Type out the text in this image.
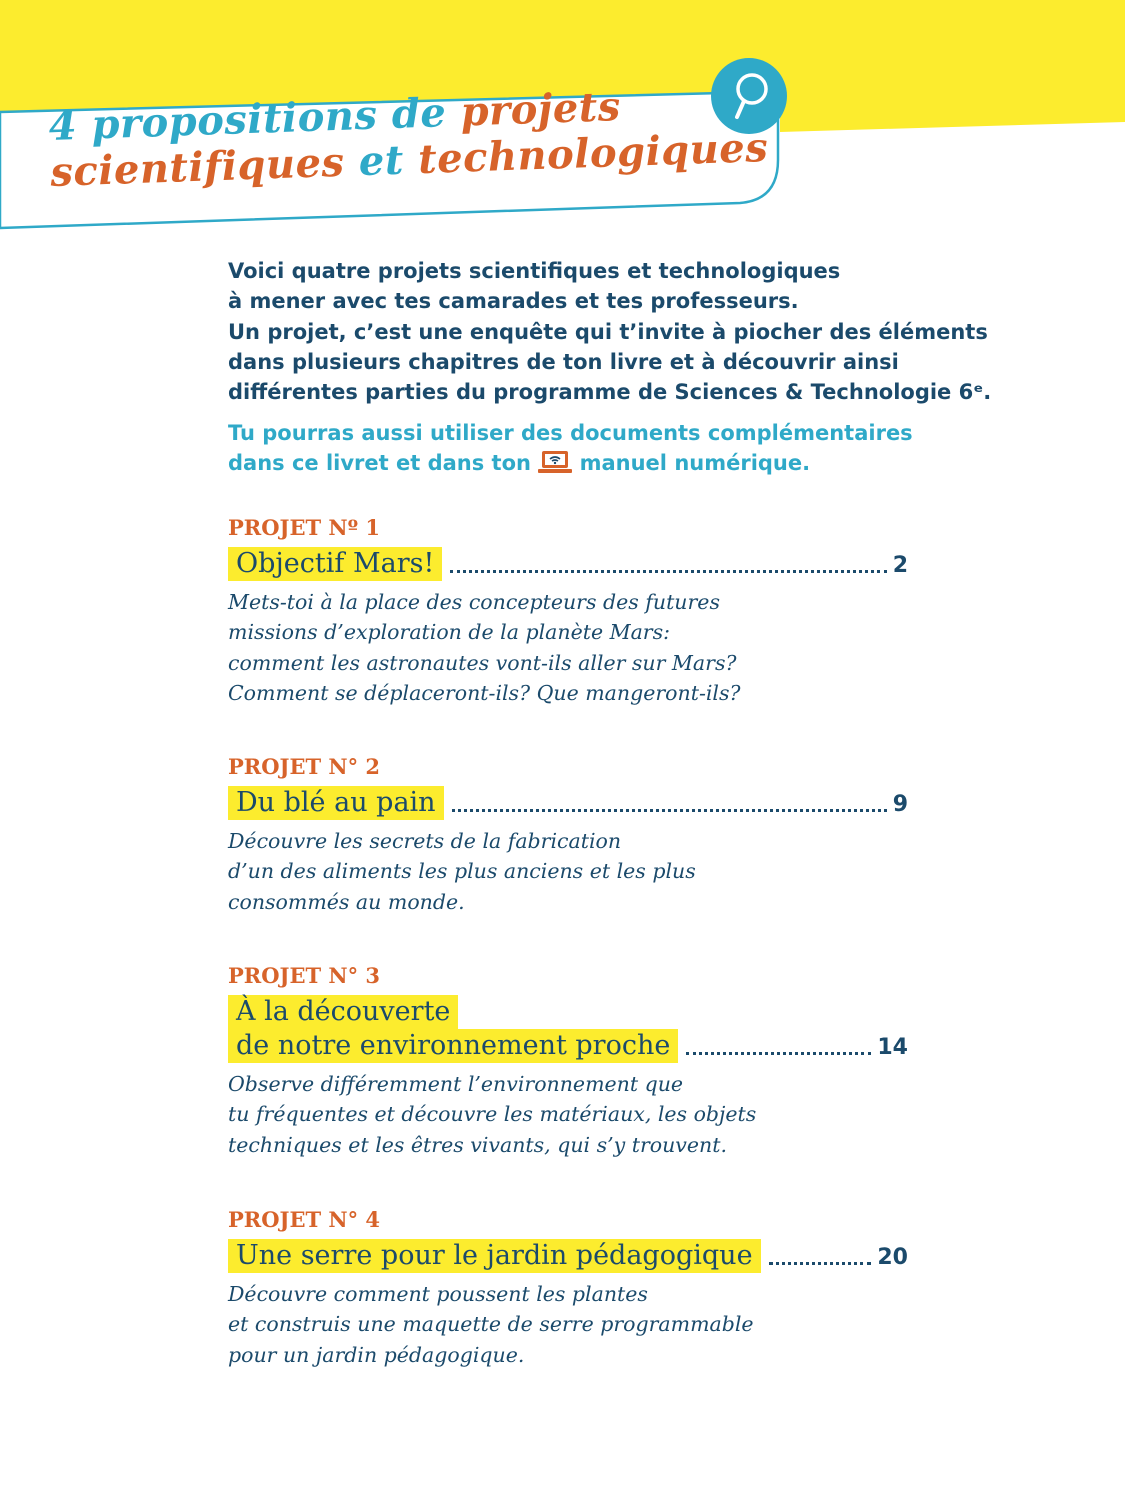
4 propositions de projets
scientifiques et technologiques
Voici quatre projets scientifiques et technologiques
à mener avec tes camarades et tes professeurs.
Un projet, c’est une enquête qui t’invite à piocher des éléments
dans plusieurs chapitres de ton livre et à découvrir ainsi
différentes parties du programme de Sciences & Technologie 6ᵉ.
Tu pourras aussi utiliser des documents complémentaires
dans ce livret et dans ton  manuel numérique.
PROJET Nº 1
Objectif Mars!	2
Mets-toi à la place des concepteurs des futures
missions d’exploration de la planète Mars:
comment les astronautes vont-ils aller sur Mars?
Comment se déplaceront-ils? Que mangeront-ils?
PROJET N° 2
Du blé au pain	9
Découvre les secrets de la fabrication
d’un des aliments les plus anciens et les plus
consommés au monde.
PROJET N° 3
À la découverte
de notre environnement proche	14
Observe différemment l’environnement que
tu fréquentes et découvre les matériaux, les objets
techniques et les êtres vivants, qui s’y trouvent.
PROJET N° 4
Une serre pour le jardin pédagogique	20
Découvre comment poussent les plantes
et construis une maquette de serre programmable
pour un jardin pédagogique.
